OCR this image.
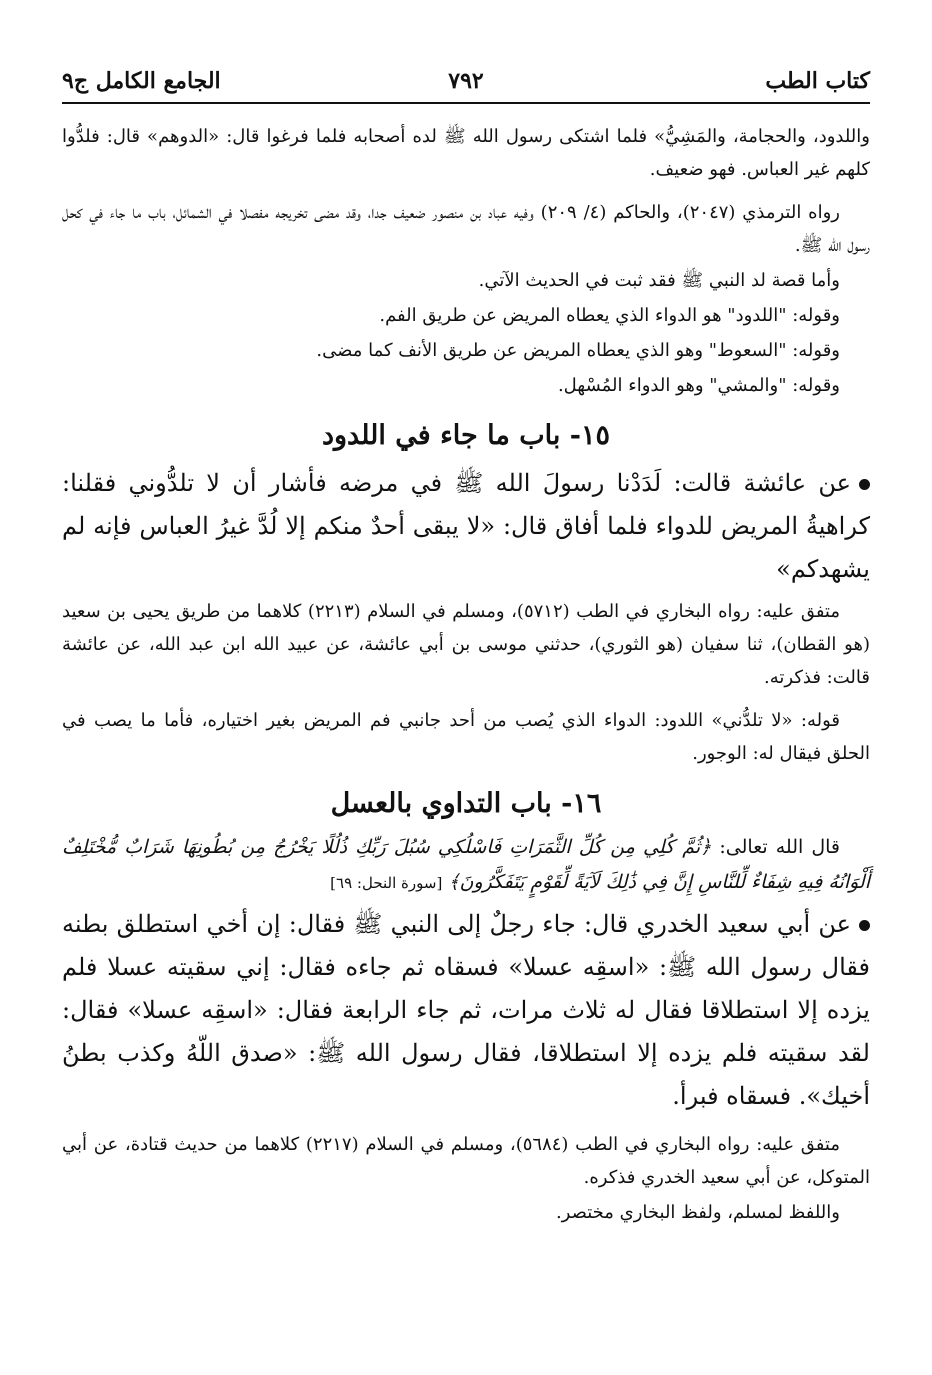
كتاب الطب
٧٩٢
الجامع الكامل ج٩

واللدود، والحجامة، والمَشِيُّ» فلما اشتكى رسول الله ﷺ لده أصحابه فلما فرغوا قال: «الدوهم» قال: فلدُّوا كلهم غير العباس. فهو ضعيف.

رواه الترمذي (٢٠٤٧)، والحاكم (٤/ ٢٠٩) وفيه عباد بن منصور ضعيف جدا، وقد مضى تخريجه مفصلا في الشمائل، باب ما جاء في كحل رسول الله ﷺ.

وأما قصة لد النبي ﷺ فقد ثبت في الحديث الآتي.

وقوله: "اللدود" هو الدواء الذي يعطاه المريض عن طريق الفم.

وقوله: "السعوط" وهو الذي يعطاه المريض عن طريق الأنف كما مضى.

وقوله: "والمشي" وهو الدواء المُسْهل.

١٥- باب ما جاء في اللدود

عن عائشة قالت: لَدَدْنا رسولَ الله ﷺ في مرضه فأشار أن لا تلدُّوني فقلنا: كراهيةُ المريض للدواء فلما أفاق قال: «لا يبقى أحدٌ منكم إلا لُدَّ غيرُ العباس فإنه لم يشهدكم»

متفق عليه: رواه البخاري في الطب (٥٧١٢)، ومسلم في السلام (٢٢١٣) كلاهما من طريق يحيى بن سعيد (هو القطان)، ثنا سفيان (هو الثوري)، حدثني موسى بن أبي عائشة، عن عبيد الله ابن عبد الله، عن عائشة قالت: فذكرته.

قوله: «لا تلدُّني» اللدود: الدواء الذي يُصب من أحد جانبي فم المريض بغير اختياره، فأما ما يصب في الحلق فيقال له: الوجور.

١٦- باب التداوي بالعسل

قال الله تعالى: ﴿ثُمَّ كُلِي مِن كُلِّ الثَّمَرَاتِ فَاسْلُكِي سُبُلَ رَبِّكِ ذُلُلًا يَخْرُجُ مِن بُطُونِهَا شَرَابٌ مُّخْتَلِفٌ أَلْوَانُهُ فِيهِ شِفَاءٌ لِّلنَّاسِ إِنَّ فِي ذَٰلِكَ لَآيَةً لِّقَوْمٍ يَتَفَكَّرُونَ﴾ [سورة النحل: ٦٩]

عن أبي سعيد الخدري قال: جاء رجلٌ إلى النبي ﷺ فقال: إن أخي استطلق بطنه فقال رسول الله ﷺ: «اسقِه عسلا» فسقاه ثم جاءه فقال: إني سقيته عسلا فلم يزده إلا استطلاقا فقال له ثلاث مرات، ثم جاء الرابعة فقال: «اسقِه عسلا» فقال: لقد سقيته فلم يزده إلا استطلاقا، فقال رسول الله ﷺ: «صدق اللّهُ وكذب بطنُ أخيك». فسقاه فبرأ.

متفق عليه: رواه البخاري في الطب (٥٦٨٤)، ومسلم في السلام (٢٢١٧) كلاهما من حديث قتادة، عن أبي المتوكل، عن أبي سعيد الخدري فذكره.

واللفظ لمسلم، ولفظ البخاري مختصر.
